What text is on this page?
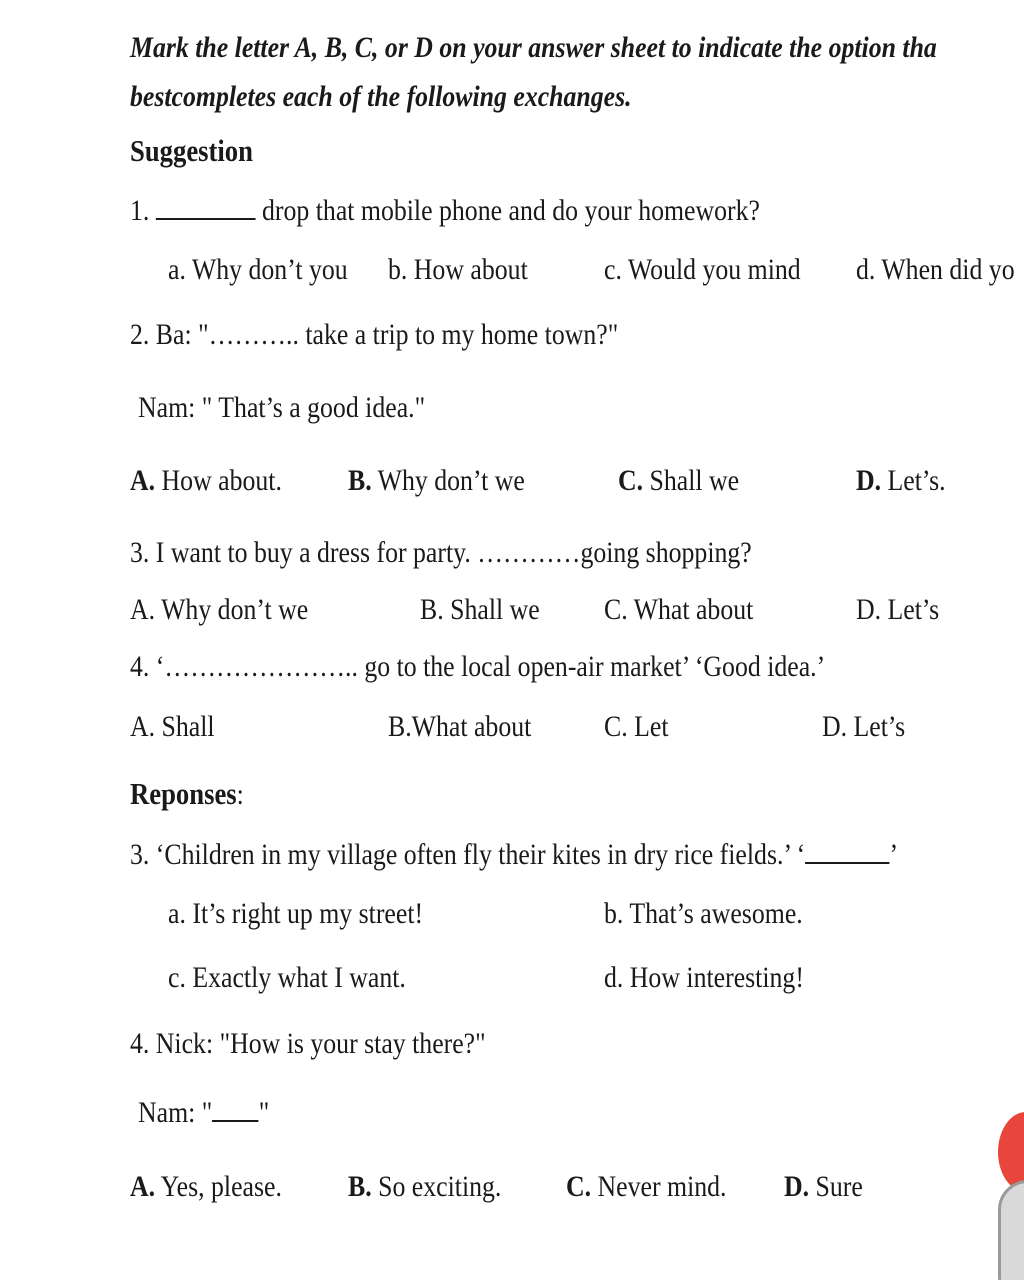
Mark the letter A, B, C, or D on your answer sheet to indicate the option tha
bestcompletes each of the following exchanges.
Suggestion
1.	drop that mobile phone and do your homework?
a. Why don’t you b. How about	c. Would you mind d. When did yo
2. Ba: "……….. take a trip to my home town?"
Nam: " That’s a good idea."
A. How about. B. Why don’t we	C. Shall we	D. Let’s.
3. I want to buy a dress for party. …………going shopping?
A. Why don’t we	B. Shall we C. What about	D. Let’s
4. ‘………………….. go to the local open-air market’ ‘Good idea.’
A. Shall	B.What about C. Let	D. Let’s
Reponses:
3. ‘Children in my village often fly their kites in dry rice fields.’ ‘	’
a. It’s right up my street!	b. That’s awesome.
c. Exactly what I want.	d. How interesting!
4. Nick: "How is your stay there?"
Nam: " "
A. Yes, please. B. So exciting. C. Never mind. D. Sure
